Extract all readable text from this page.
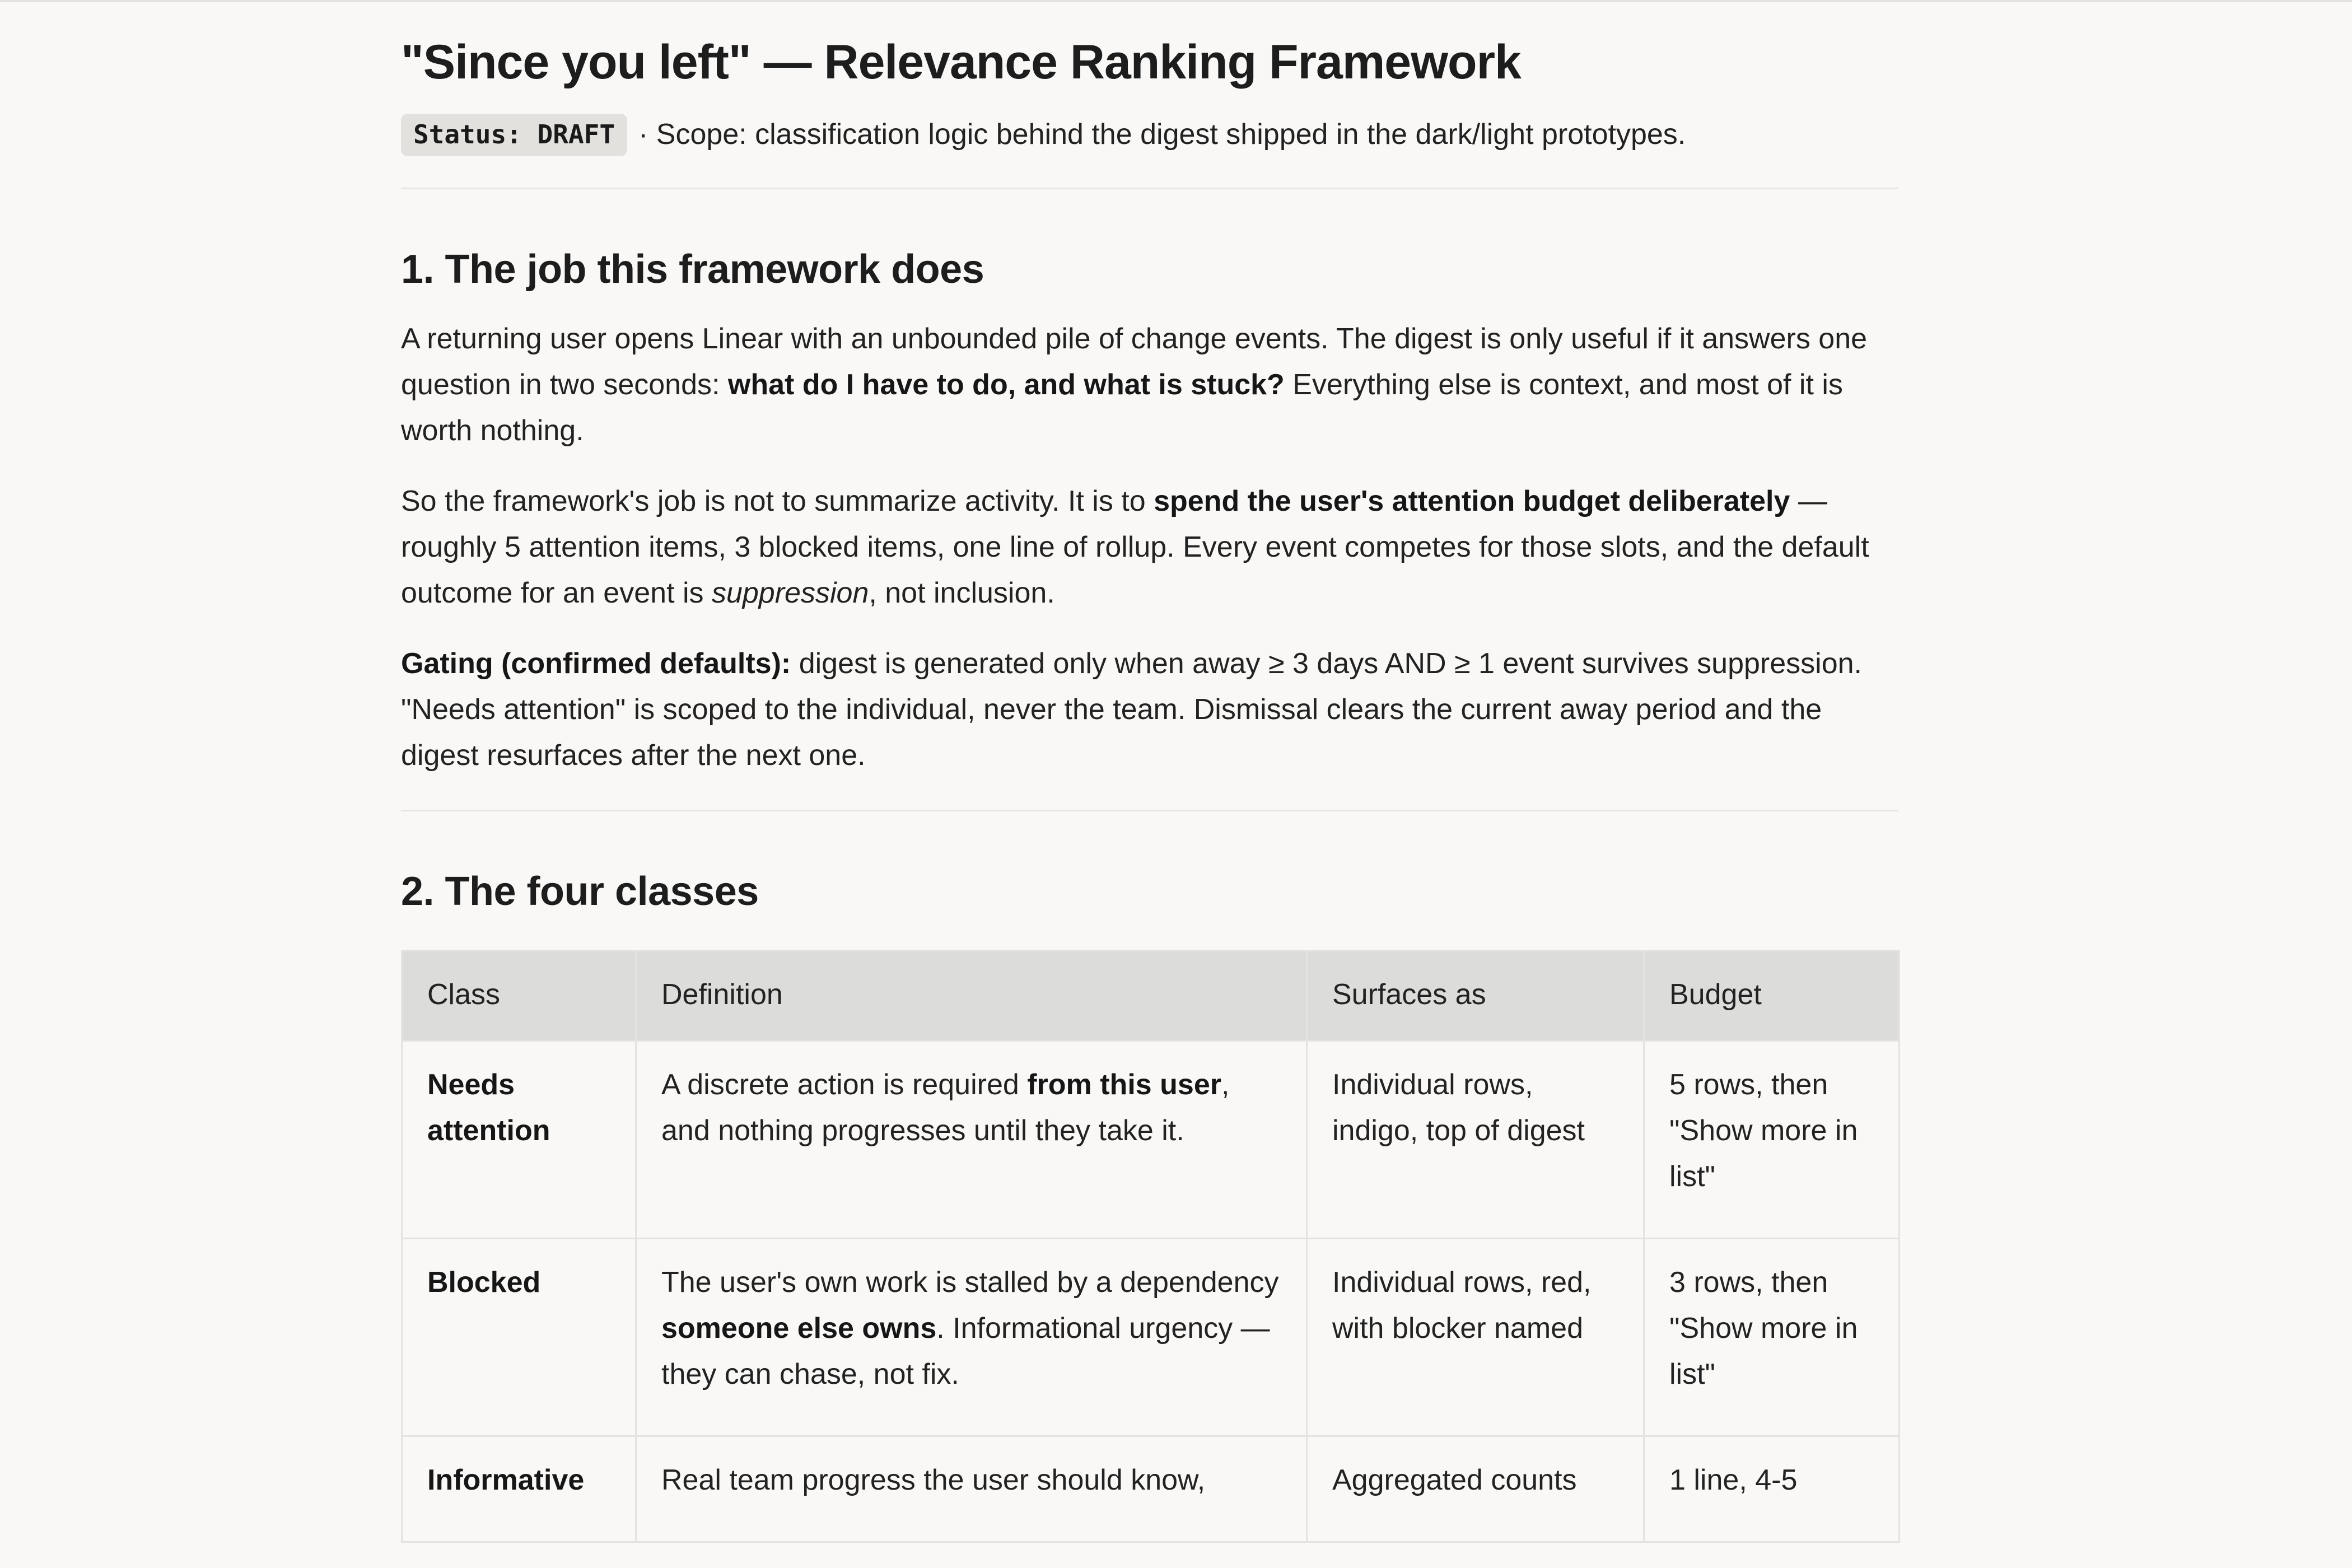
"Since you left" — Relevance Ranking Framework
Status: DRAFT · Scope: classification logic behind the digest shipped in the dark/light prototypes.
1. The job this framework does

A returning user opens Linear with an unbounded pile of change events. The digest is only useful if it answers one question in two seconds: what do I have to do, and what is stuck? Everything else is context, and most of it is worth nothing.

So the framework's job is not to summarize activity. It is to spend the user's attention budget deliberately — roughly 5 attention items, 3 blocked items, one line of rollup. Every event competes for those slots, and the default outcome for an event is suppression, not inclusion.

Gating (confirmed defaults): digest is generated only when away ≥ 3 days AND ≥ 1 event survives suppression. "Needs attention" is scoped to the individual, never the team. Dismissal clears the current away period and the digest resurfaces after the next one.

2. The four classes
Class	Definition	Surfaces as	Budget
Needs attention	A discrete action is required from this user, and nothing progresses until they take it.	Individual rows, indigo, top of digest	5 rows, then "Show more in list"
Blocked	The user's own work is stalled by a dependency someone else owns. Informational urgency — they can chase, not fix.	Individual rows, red, with blocker named	3 rows, then "Show more in list"
Informative	Real team progress the user should know,	Aggregated counts	1 line, 4-5
